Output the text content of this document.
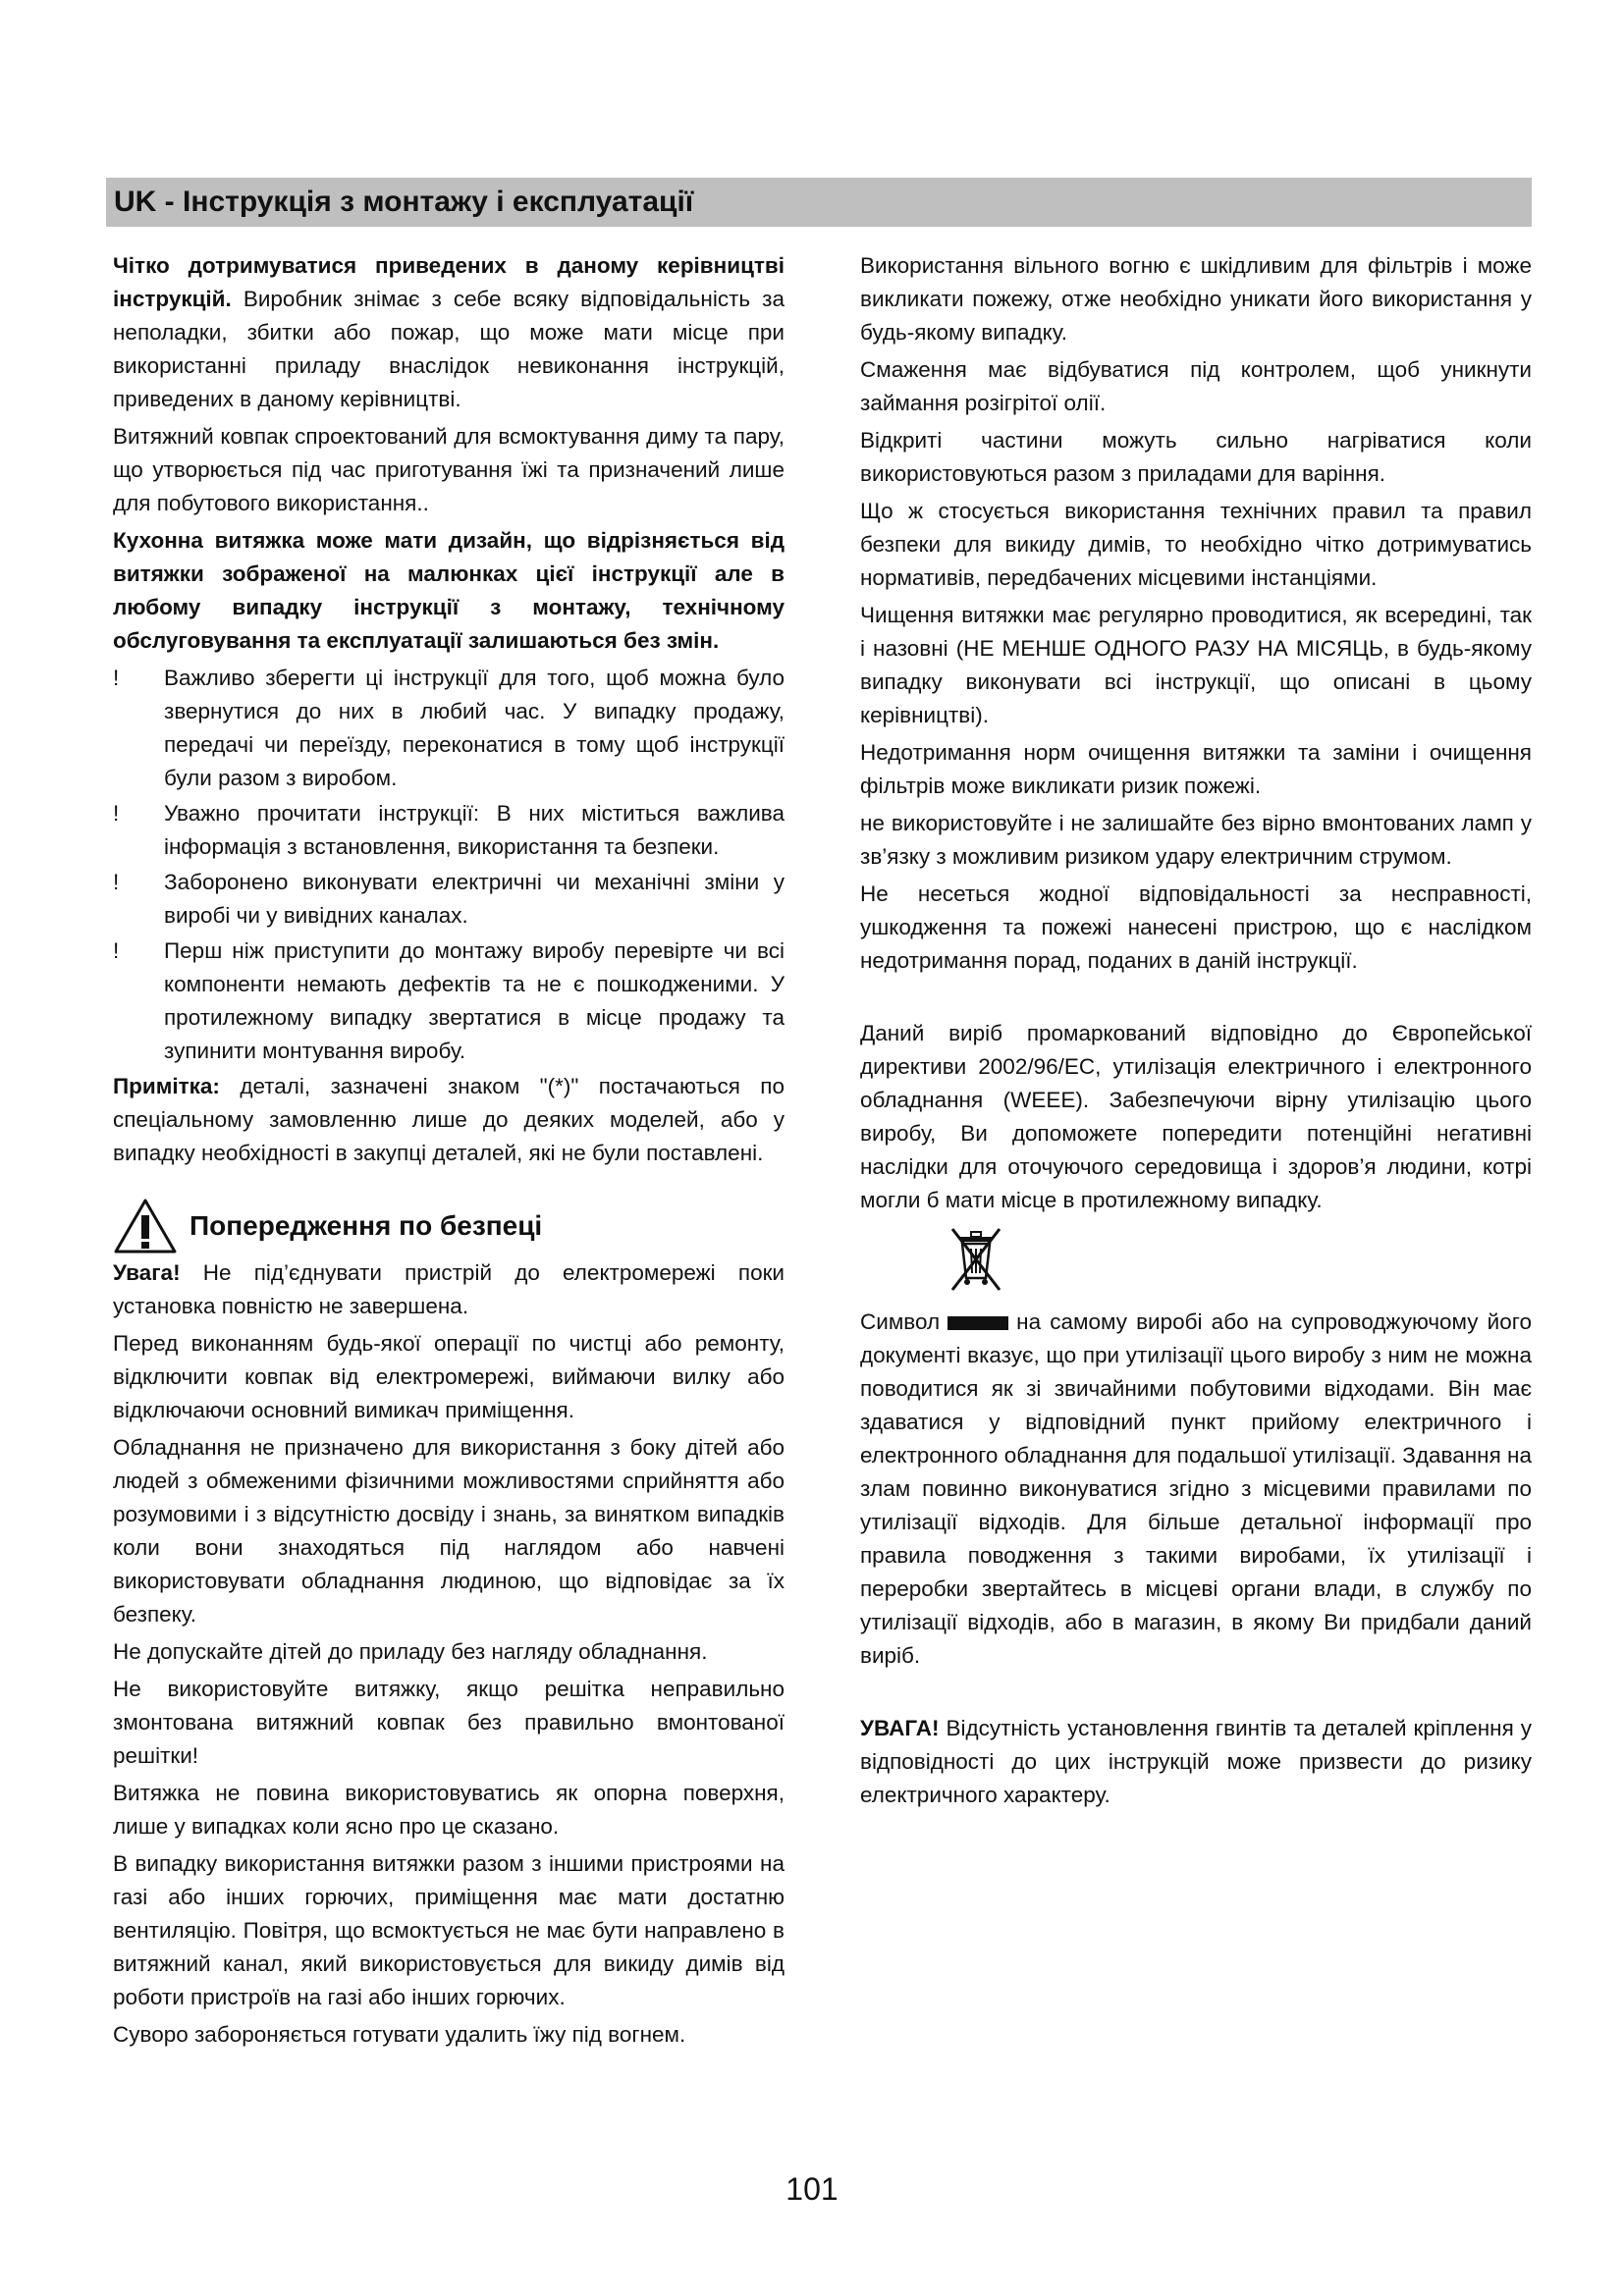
UK - Інструкція з монтажу і експлуатації

Чітко дотримуватися приведених в даному керівництві інструкцій. Виробник знімає з себе всяку відповідальність за неполадки, збитки або пожар, що може мати місце при використанні приладу внаслідок невиконання інструкцій, приведених в даному керівництві.

Витяжний ковпак спроектований для всмоктування диму та пару, що утворюється під час приготування їжі та призначений лише для побутового використання..

Кухонна витяжка може мати дизайн, що відрізняється від витяжки зображеної на малюнках цієї інструкції але в любому випадку інструкції з монтажу, технічному обслуговування та експлуатації залишаються без змін.

! Важливо зберегти ці інструкції для того, щоб можна було звернутися до них в любий час. У випадку продажу, передачі чи переїзду, переконатися в тому щоб інструкції були разом з виробом.
! Уважно прочитати інструкції: В них міститься важлива інформація з встановлення, використання та безпеки.
! Заборонено виконувати електричні чи механічні зміни у виробі чи у вивідних каналах.
! Перш ніж приступити до монтажу виробу перевірте чи всі компоненти немають дефектів та не є пошкодженими. У протилежному випадку звертатися в місце продажу та зупинити монтування виробу.

Примітка: деталі, зазначені знаком "(*)" постачаються по спеціальному замовленню лише до деяких моделей, або у випадку необхідності в закупці деталей, які не були поставлені.

Попередження по безпеці

Увага! Не під’єднувати пристрій до електромережі поки установка повністю не завершена.

Перед виконанням будь-якої операції по чистці або ремонту, відключити ковпак від електромережі, виймаючи вилку або відключаючи основний вимикач приміщення.

Обладнання не призначено для використання з боку дітей або людей з обмеженими фізичними можливостями сприйняття або розумовими і з відсутністю досвіду і знань, за винятком випадків коли вони знаходяться під наглядом або навчені використовувати обладнання людиною, що відповідає за їх безпеку.

Не допускайте дітей до приладу без нагляду обладнання.

Не використовуйте витяжку, якщо решітка неправильно змонтована витяжний ковпак без правильно вмонтованої решітки!

Витяжка не повина використовуватись як опорна поверхня, лише у випадках коли ясно про це сказано.

В випадку використання витяжки разом з іншими пристроями на газі або інших горючих, приміщення має мати достатню вентиляцію. Повітря, що всмоктується не має бути направлено в витяжний канал, який використовується для викиду димів від роботи пристроїв на газі або інших горючих.

Суворо забороняється готувати удалить їжу під вогнем.

Використання вільного вогню є шкідливим для фільтрів і може викликати пожежу, отже необхідно уникати його використання у будь-якому випадку.

Смаження має відбуватися під контролем, щоб уникнути займання розігрітої олії.

Відкриті частини можуть сильно нагріватися коли використовуються разом з приладами для варіння.

Що ж стосується використання технічних правил та правил безпеки для викиду димів, то необхідно чітко дотримуватись нормативів, передбачених місцевими інстанціями.

Чищення витяжки має регулярно проводитися, як всередині, так і назовні (НЕ МЕНШЕ ОДНОГО РАЗУ НА МІСЯЦЬ, в будь-якому випадку виконувати всі інструкції, що описані в цьому керівництві).

Недотримання норм очищення витяжки та заміни і очищення фільтрів може викликати ризик пожежі.

не використовуйте і не залишайте без вірно вмонтованих ламп у зв’язку з можливим ризиком удару електричним струмом.

Не несеться жодної відповідальності за несправності, ушкодження та пожежі нанесені пристрою, що є наслідком недотримання порад, поданих в даній інструкції.

Даний виріб промаркований відповідно до Європейської директиви 2002/96/EC, утилізація електричного і електронного обладнання (WEEE). Забезпечуючи вірну утилізацію цього виробу, Ви допоможете попередити потенційні негативні наслідки для оточуючого середовища і здоров’я людини, котрі могли б мати місце в протилежному випадку.

Символ	на самому виробі або на супроводжуючому його документі вказує, що при утилізації цього виробу з ним не можна поводитися як зі звичайними побутовими відходами. Він має здаватися у відповідний пункт прийому електричного і електронного обладнання для подальшої утилізації. Здавання на злам повинно виконуватися згідно з місцевими правилами по утилізації відходів. Для більше детальної інформації про правила поводження з такими виробами, їх утилізації і переробки звертайтесь в місцеві органи влади, в службу по утилізації відходів, або в магазин, в якому Ви придбали даний виріб.

УВАГА! Відсутність установлення гвинтів та деталей кріплення у відповідності до цих інструкцій може призвести до ризику електричного характеру.

101
